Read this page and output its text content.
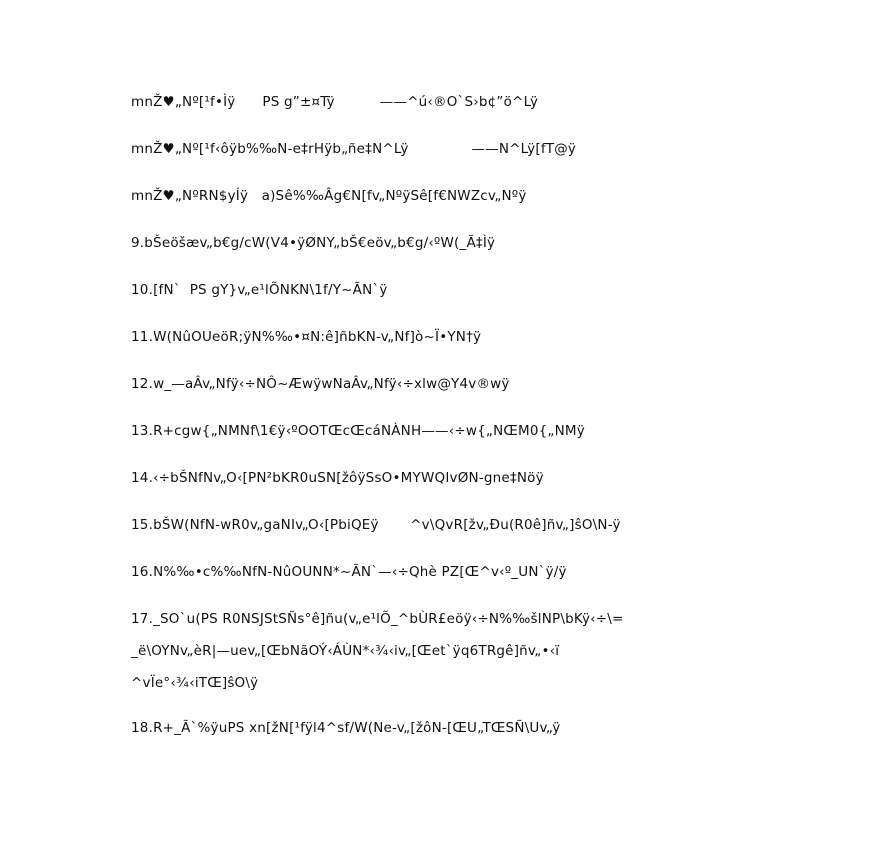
mnŽ♥„Nº[¹f•Ìÿ      PS g”±¤Tÿ          ——^ú‹®O`S›b¢”ö^Lÿ
mnŽ♥„Nº[¹f‹ôÿb%‰N-e‡rHÿb„ñe‡N^Lÿ              ——N^Lÿ[fT@ÿ
mnŽ♥„NºRN$yÍÿ   a)Sê%‰Âg€N[fv„NºÿSê[f€NWZcv„Nºÿ
9.bŠeöšæv„b€g/cW(V4•ÿØNY„bŠ€eöv„b€g/‹ºW(_Ã‡Ìÿ
10.[fN`  PS gY}v„e¹lÕNKN\1f/Y~ÃN`ÿ
11.W(NûOUeöR;ÿN%‰•¤N:ê]ñbKN-v„Nf]ò~Ï•YN†ÿ
12.w_—aÂv„Nfÿ‹÷NÔ~ÆwÿwNaÂv„Nfÿ‹÷xlw@Y4v®wÿ
13.R+cgw{„NMNf\1€ÿ‹ºOOTŒcŒcáNÀNH——‹÷w{„NŒM0{„NMÿ
14.‹÷bŠNfNv„O‹[PN²bKR0uSN[žôÿSsO•MYWQIvØN-gne‡Nöÿ
15.bŠW(NfN-wR0v„gaNIv„O‹[PbiQEÿ       ^v\QvR[žv„Ðu(R0ê]ñv„]ŝO\N-ÿ
16.N%‰•c%‰NfN-NûOUNN*~ÃN`—‹÷Qhè PZ[Œ^v‹º_UN`ÿ/ÿ
17._SO`u(PS R0NSJStSÑs°ê]ñu(v„e¹lÕ_^bÙR£eöÿ‹÷N%‰šlNP\bKÿ‹÷\=
_ë\OYNv„èR|—uev„[ŒbNãOÝ‹ÁÙN*‹¾‹iv„[Œet`ÿq6TRgê]ñv„•‹ï
^vÏe°‹¾‹iTŒ]ŝO\ÿ
18.R+_Ã`%ÿuPS xn[žN[¹fÿl4^sf/W(Ne-v„[žôN-[ŒU„TŒSÑ\Uv„ÿ
